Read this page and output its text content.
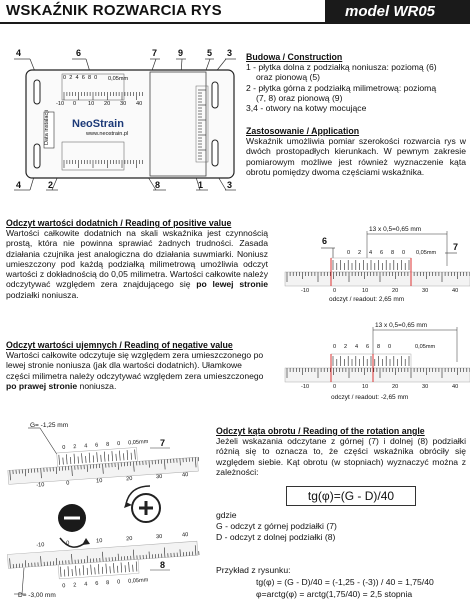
WSKAŹNIK ROZWARCIA RYS	model WR05
4	6	7 9	5 3
4	2	8	1	3
0 2 4 6 8 0 0,05mm
-10 0 10 20 30 40
NeoStrain
www.neostrain.pl
Data instalacji
Budowa / Construction
1 - płytka dolna z podziałką noniusza: poziomą (6)
oraz pionową (5)
2 - płytka górna z podziałką milimetrową: poziomą
(7, 8) oraz pionową (9)
3,4 - otwory na kotwy mocujące
Zastosowanie / Application
Wskaźnik umożliwia pomiar szerokości rozwarcia rys w dwóch prostopadłych kierunkach. W pewnym zakresie pomiarowym możliwe jest również wyznaczenie kąta obrotu pomiędzy dwoma częściami wskaźnika.
Odczyt wartości dodatnich / Reading of positive value
Wartości całkowite dodatnich na skali wskaźnika jest czynnością prostą, która nie powinna sprawiać żadnych trudności. Zasada działania czujnika jest analogiczna do działania suwmiarki. Noniusz umieszczony pod każdą podziałką milimetrową umożliwia odczyt wartości z dokładnością do 0,05 milimetra. Wartości całkowite należy odczytywać względem zera znajdującego się po lewej stronie podziałki noniusza.
13 x 0,5=0,65 mm
6
7
0 2 4 6 8 0 0,05mm
-10	0	10	20	30	40
odczyt / readout: 2,65 mm
Odczyt wartości ujemnych / Reading of negative value
Wartości całkowite odczytuje się względem zera umieszczonego po lewej stronie noniusza (jak dla wartości dodatnich). Ułamkowe części milimetra należy odczytywać względem zera umieszczonego po prawej stronie noniusza.
13 x 0,5=0,65 mm
0 2 4 6 8 0	0,05mm
-10	0	10	20	30	40
odczyt / readout: -2,65 mm
G= -1,25 mm
D= -3,00 mm
7
8
0 2 4 6 8 0 0,05mm
-10	0	10	20	30	40
-10	0	10	20	30	40
0 2 4 6 8 0 0,05mm
Odczyt kąta obrotu / Reading of the rotation angle
Jeżeli wskazania odczytane z górnej (7) i dolnej (8) podziałki różnią się to oznacza to, że części wskaźnika obróciły się względem siebie. Kąt obrotu (w stopniach) wyznaczyć można z zależności:
tg(φ)=(G - D)/40
gdzie
G - odczyt z górnej podziałki (7)
D - odczyt z dolnej podziałki (8)
Przykład z rysunku:
tg(φ) = (G - D)/40 = (-1,25 - (-3)) / 40 = 1,75/40
φ=arctg(φ) = arctg(1,75/40) = 2,5 stopnia
